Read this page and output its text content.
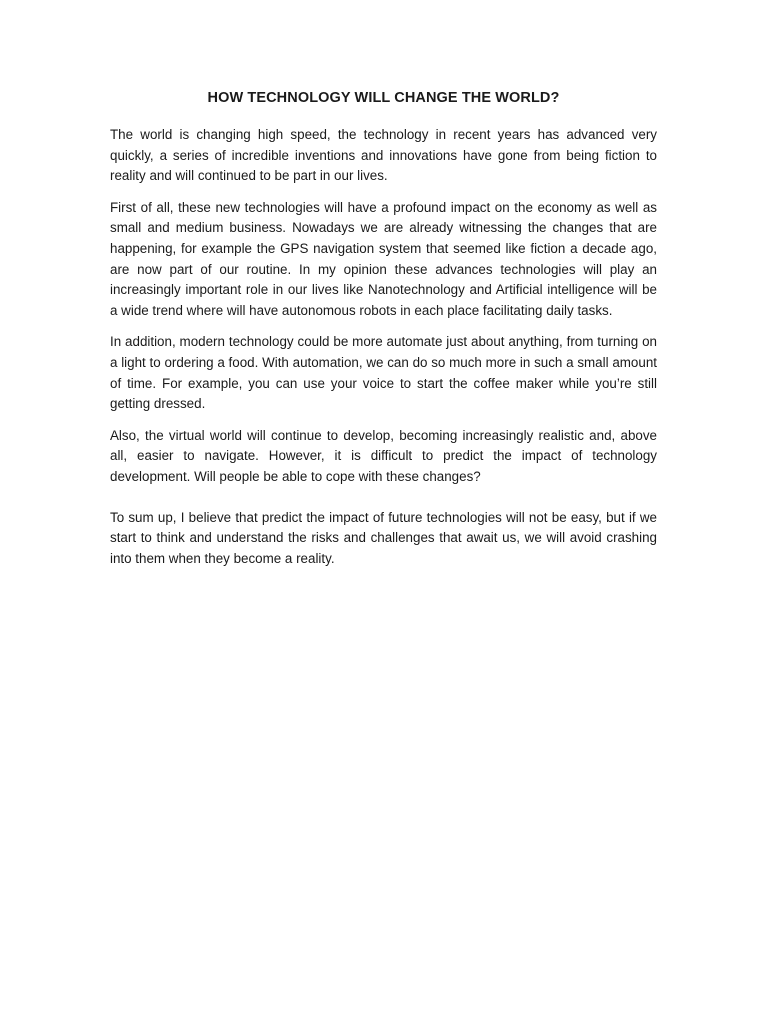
HOW TECHNOLOGY WILL CHANGE THE WORLD?

The world is changing high speed, the technology in recent years has advanced very quickly, a series of incredible inventions and innovations have gone from being fiction to reality and will continued to be part in our lives.

First of all, these new technologies will have a profound impact on the economy as well as small and medium business. Nowadays we are already witnessing the changes that are happening, for example the GPS navigation system that seemed like fiction a decade ago, are now part of our routine. In my opinion these advances technologies will play an increasingly important role in our lives like Nanotechnology and Artificial intelligence will be a wide trend where will have autonomous robots in each place facilitating daily tasks.

In addition, modern technology could be more automate just about anything, from turning on a light to ordering a food. With automation, we can do so much more in such a small amount of time. For example, you can use your voice to start the coffee maker while you’re still getting dressed.

Also, the virtual world will continue to develop, becoming increasingly realistic and, above all, easier to navigate. However, it is difficult to predict the impact of technology development. Will people be able to cope with these changes?

To sum up, I believe that predict the impact of future technologies will not be easy, but if we start to think and understand the risks and challenges that await us, we will avoid crashing into them when they become a reality.
